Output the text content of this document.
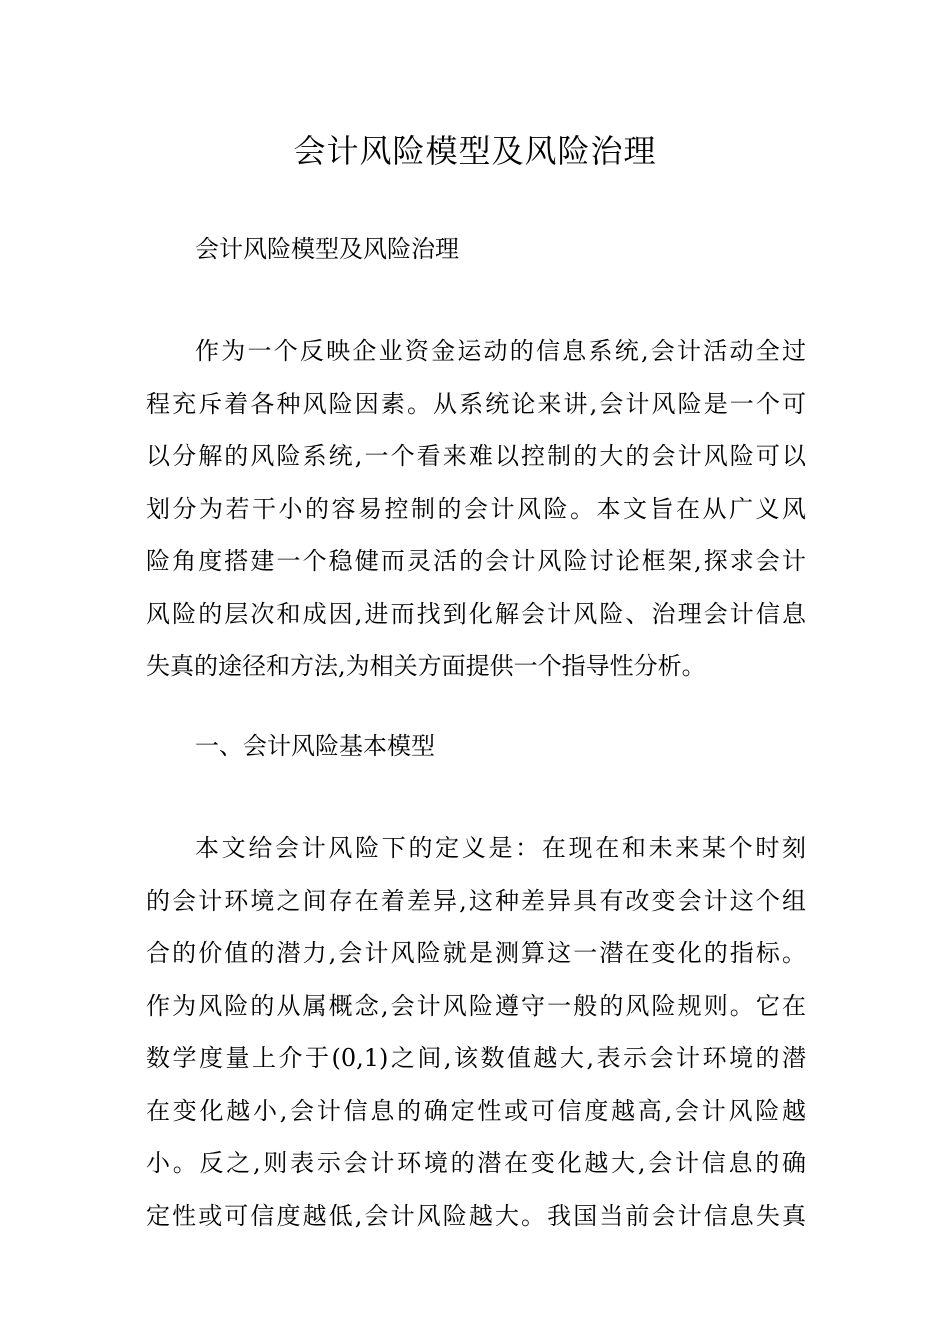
会计风险模型及风险治理

会计风险模型及风险治理

作为一个反映企业资金运动的信息系统,会计活动全过
程充斥着各种风险因素。从系统论来讲,会计风险是一个可
以分解的风险系统,一个看来难以控制的大的会计风险可以
划分为若干小的容易控制的会计风险。本文旨在从广义风
险角度搭建一个稳健而灵活的会计风险讨论框架,探求会计
风险的层次和成因,进而找到化解会计风险、治理会计信息
失真的途径和方法,为相关方面提供一个指导性分析。

一、会计风险基本模型

本文给会计风险下的定义是：在现在和未来某个时刻
的会计环境之间存在着差异,这种差异具有改变会计这个组
合的价值的潜力,会计风险就是测算这一潜在变化的指标。
作为风险的从属概念,会计风险遵守一般的风险规则。它在
数学度量上介于(0,1)之间,该数值越大,表示会计环境的潜
在变化越小,会计信息的确定性或可信度越高,会计风险越
小。反之,则表示会计环境的潜在变化越大,会计信息的确
定性或可信度越低,会计风险越大。我国当前会计信息失真
